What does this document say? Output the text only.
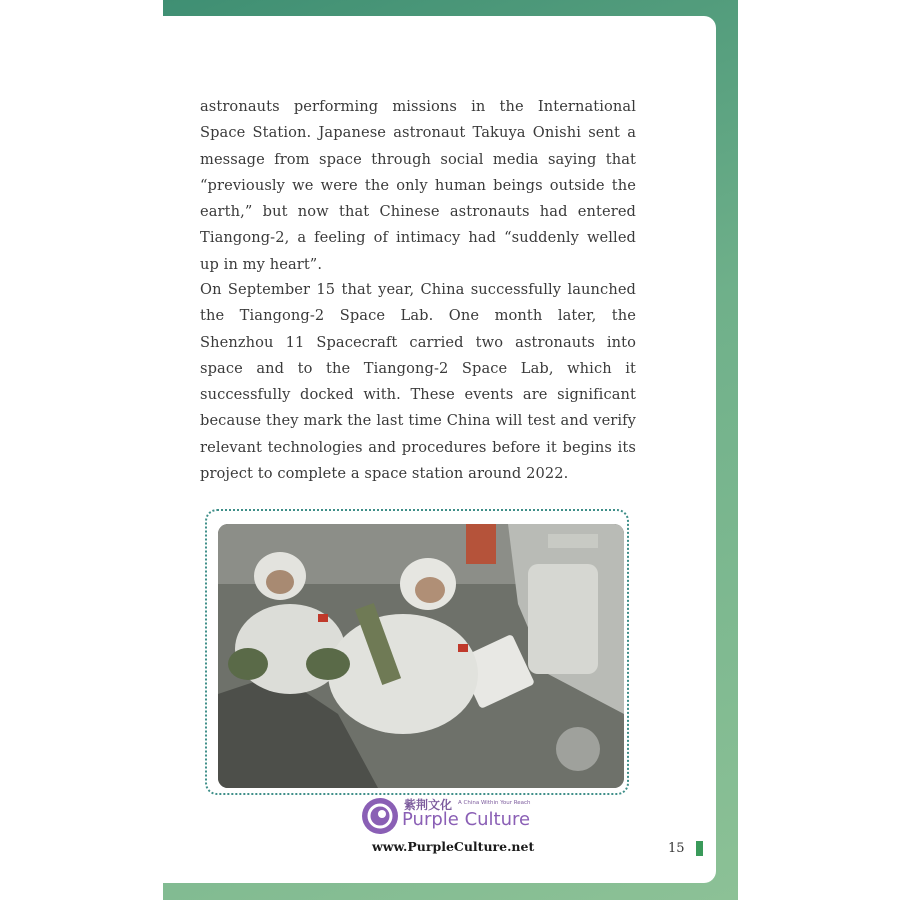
astronauts performing missions in the International Space Station. Japanese astronaut Takuya Onishi sent a message from space through social media saying that “previously we were the only human beings outside the earth,” but now that Chinese astronauts had entered Tiangong-2, a feeling of intimacy had “suddenly welled up in my heart”.

On September 15 that year, China successfully launched the Tiangong-2 Space Lab. One month later, the Shenzhou 11 Spacecraft carried two astronauts into space and to the Tiangong-2 Space Lab, which it successfully docked with. These events are significant because they mark the last time China will test and verify relevant technologies and procedures before it begins its project to complete a space station around 2022.

紫荆文化 A China Within Your Reach
Purple Culture
www.PurpleCulture.net	15
